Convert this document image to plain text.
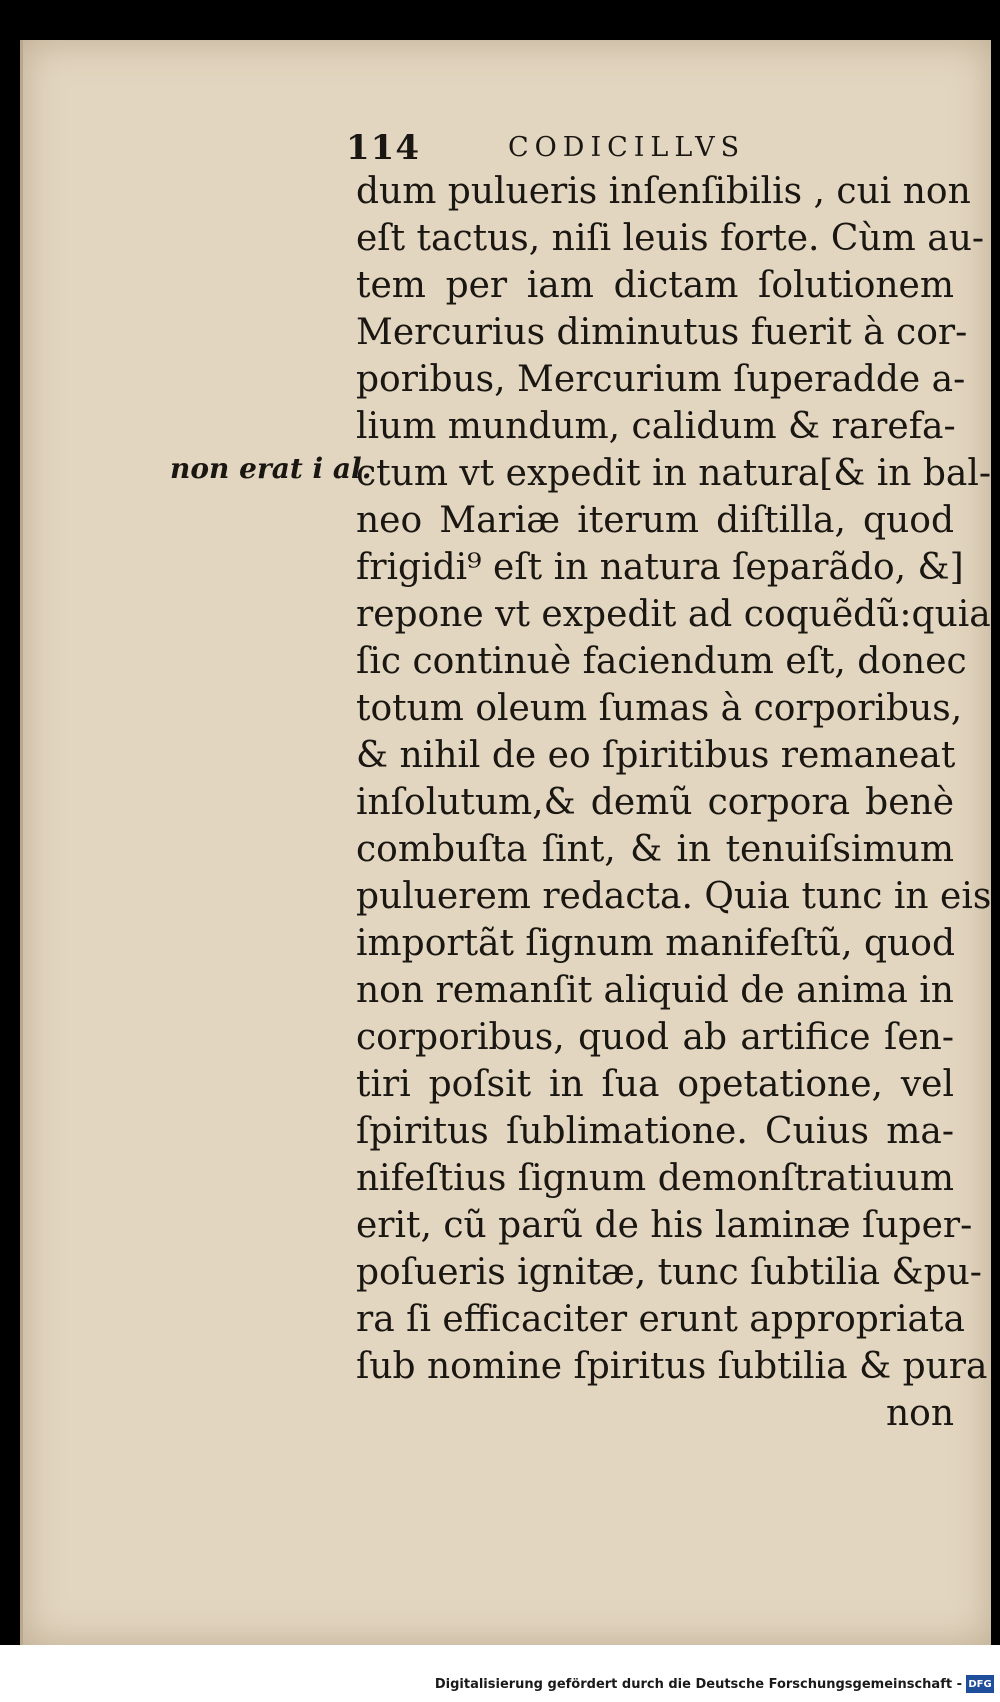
114	CODICILLVS
non erat i al.
dum pulueris inſenſibilis , cui non
eſt tactus, niſi leuis forte. Cùm au-
tem per iam dictam ſolutionem
Mercurius diminutus fuerit à cor-
poribus, Mercurium ſuperadde a-
lium mundum, calidum & rarefa-
ctum vt expedit in natura[& in bal-
neo Mariæ iterum diſtilla, quod
frigidi⁹ eſt in natura ſeparãdo, &]
repone vt expedit ad coquẽdũ:quia
ſic continuè faciendum eſt, donec
totum oleum ſumas à corporibus,
& nihil de eo ſpiritibus remaneat
inſolutum,& demũ corpora benè
combuſta ſint, & in tenuiſsimum
puluerem redacta. Quia tunc in eis
importãt ſignum manifeſtũ, quod
non remanſit aliquid de anima in
corporibus, quod ab artifice ſen-
tiri poſsit in ſua opetatione, vel
ſpiritus ſublimatione. Cuius ma-
nifeſtius ſignum demonſtratiuum
erit, cũ parũ de his laminæ ſuper-
poſueris ignitæ, tunc ſubtilia &pu-
ra ſi efficaciter erunt appropriata
ſub nomine ſpiritus ſubtilia & pura
non
Digitalisierung gefördert durch die Deutsche Forschungsgemeinschaft - DFG
